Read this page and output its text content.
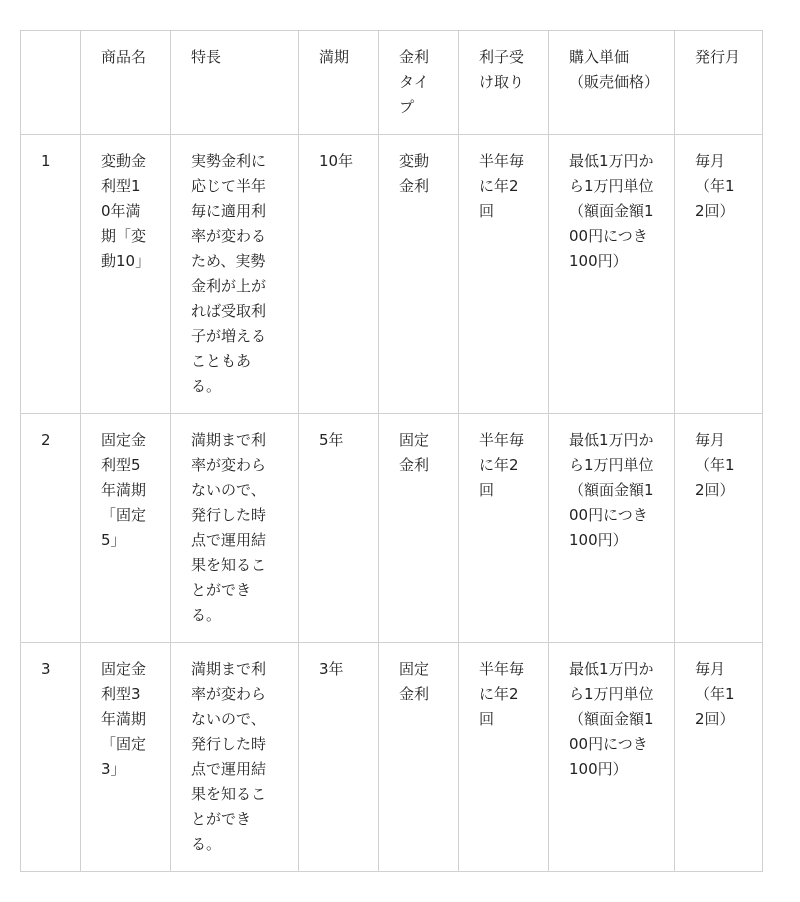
	商品名	特長	満期	金利タイプ	利子受け取り	購入単価（販売価格）	発行月
1	変動金利型10年満期「変動10」	実勢金利に応じて半年毎に適用利率が変わるため、実勢金利が上がれば受取利子が増えることもある。	10年	変動金利	半年毎に年2回	最低1万円から1万円単位（額面金額100円につき100円）	毎月（年12回）
2	固定金利型5年満期「固定5」	満期まで利率が変わらないので、発行した時点で運用結果を知ることができる。	5年	固定金利	半年毎に年2回	最低1万円から1万円単位（額面金額100円につき100円）	毎月（年12回）
3	固定金利型3年満期「固定3」	満期まで利率が変わらないので、発行した時点で運用結果を知ることができる。	3年	固定金利	半年毎に年2回	最低1万円から1万円単位（額面金額100円につき100円）	毎月（年12回）
